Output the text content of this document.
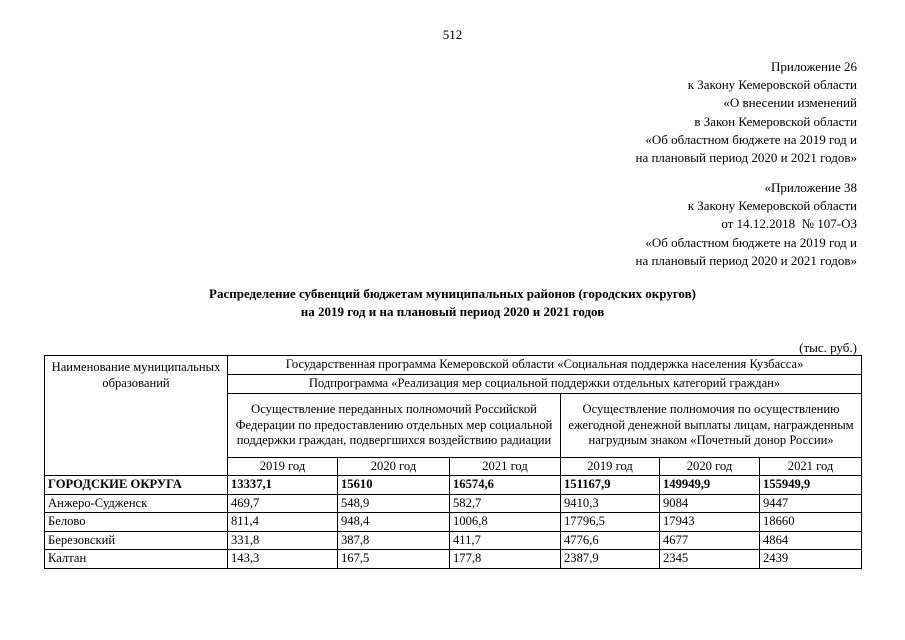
512
Приложение 26
к Закону Кемеровской области
«О внесении изменений
в Закон Кемеровской области
«Об областном бюджете на 2019 год и
на плановый период 2020 и 2021 годов»
«Приложение 38
к Закону Кемеровской области
от 14.12.2018  № 107-ОЗ
«Об областном бюджете на 2019 год и
на плановый период 2020 и 2021 годов»
Распределение субвенций бюджетам муниципальных районов (городских округов)
на 2019 год и на плановый период 2020 и 2021 годов
(тыс. руб.)
Наименование муниципальных образований	Государственная программа Кемеровской области «Социальная поддержка населения Кузбасса»					
	Подпрограмма «Реализация мер социальной поддержки отдельных категорий граждан»					
	Осуществление переданных полномочий Российской Федерации по предоставлению отдельных мер социальной поддержки граждан, подвергшихся воздействию радиации			Осуществление полномочия по осуществлению ежегодной денежной выплаты лицам, награжденным нагрудным знаком «Почетный донор России»		
	2019 год	2020 год	2021 год	2019 год	2020 год	2021 год
ГОРОДСКИЕ ОКРУГА	13337,1	15610	16574,6	151167,9	149949,9	155949,9
Анжеро-Судженск	469,7	548,9	582,7	9410,3	9084	9447
Белово	811,4	948,4	1006,8	17796,5	17943	18660
Березовский	331,8	387,8	411,7	4776,6	4677	4864
Калтан	143,3	167,5	177,8	2387,9	2345	2439
